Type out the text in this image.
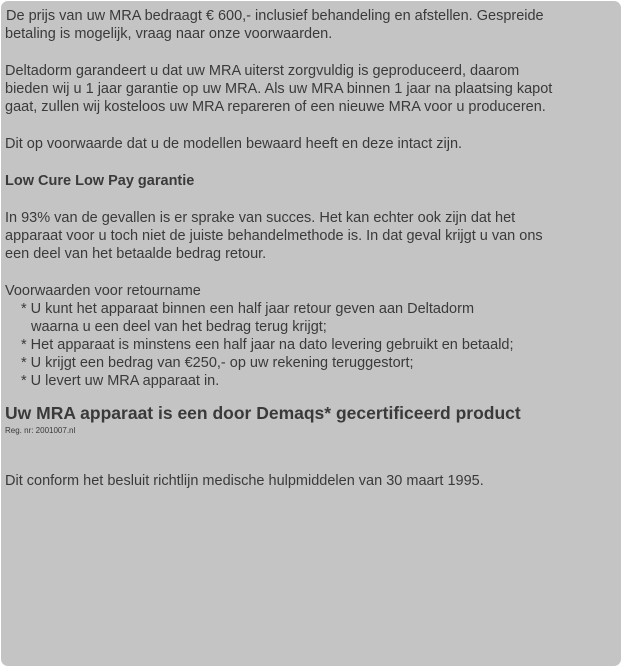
De prijs van uw MRA bedraagt € 600,- inclusief behandeling en afstellen. Gespreide
betaling is mogelijk, vraag naar onze voorwaarden.
Deltadorm garandeert u dat uw MRA uiterst zorgvuldig is geproduceerd, daarom
bieden wij u 1 jaar garantie op uw MRA. Als uw MRA binnen 1 jaar na plaatsing kapot
gaat, zullen wij kosteloos uw MRA repareren of een nieuwe MRA voor u produceren.
Dit op voorwaarde dat u de modellen bewaard heeft en deze intact zijn.
Low Cure Low Pay garantie
In 93% van de gevallen is er sprake van succes. Het kan echter ook zijn dat het
apparaat voor u toch niet de juiste behandelmethode is. In dat geval krijgt u van ons
een deel van het betaalde bedrag retour.
Voorwaarden voor retourname
* U kunt het apparaat binnen een half jaar retour geven aan Deltadorm
waarna u een deel van het bedrag terug krijgt;
* Het apparaat is minstens een half jaar na dato levering gebruikt en betaald;
* U krijgt een bedrag van €250,- op uw rekening teruggestort;
* U levert uw MRA apparaat in.
Uw MRA apparaat is een door Demaqs* gecertificeerd product
Reg. nr: 2001007.nl
Dit conform het besluit richtlijn medische hulpmiddelen van 30 maart 1995.
